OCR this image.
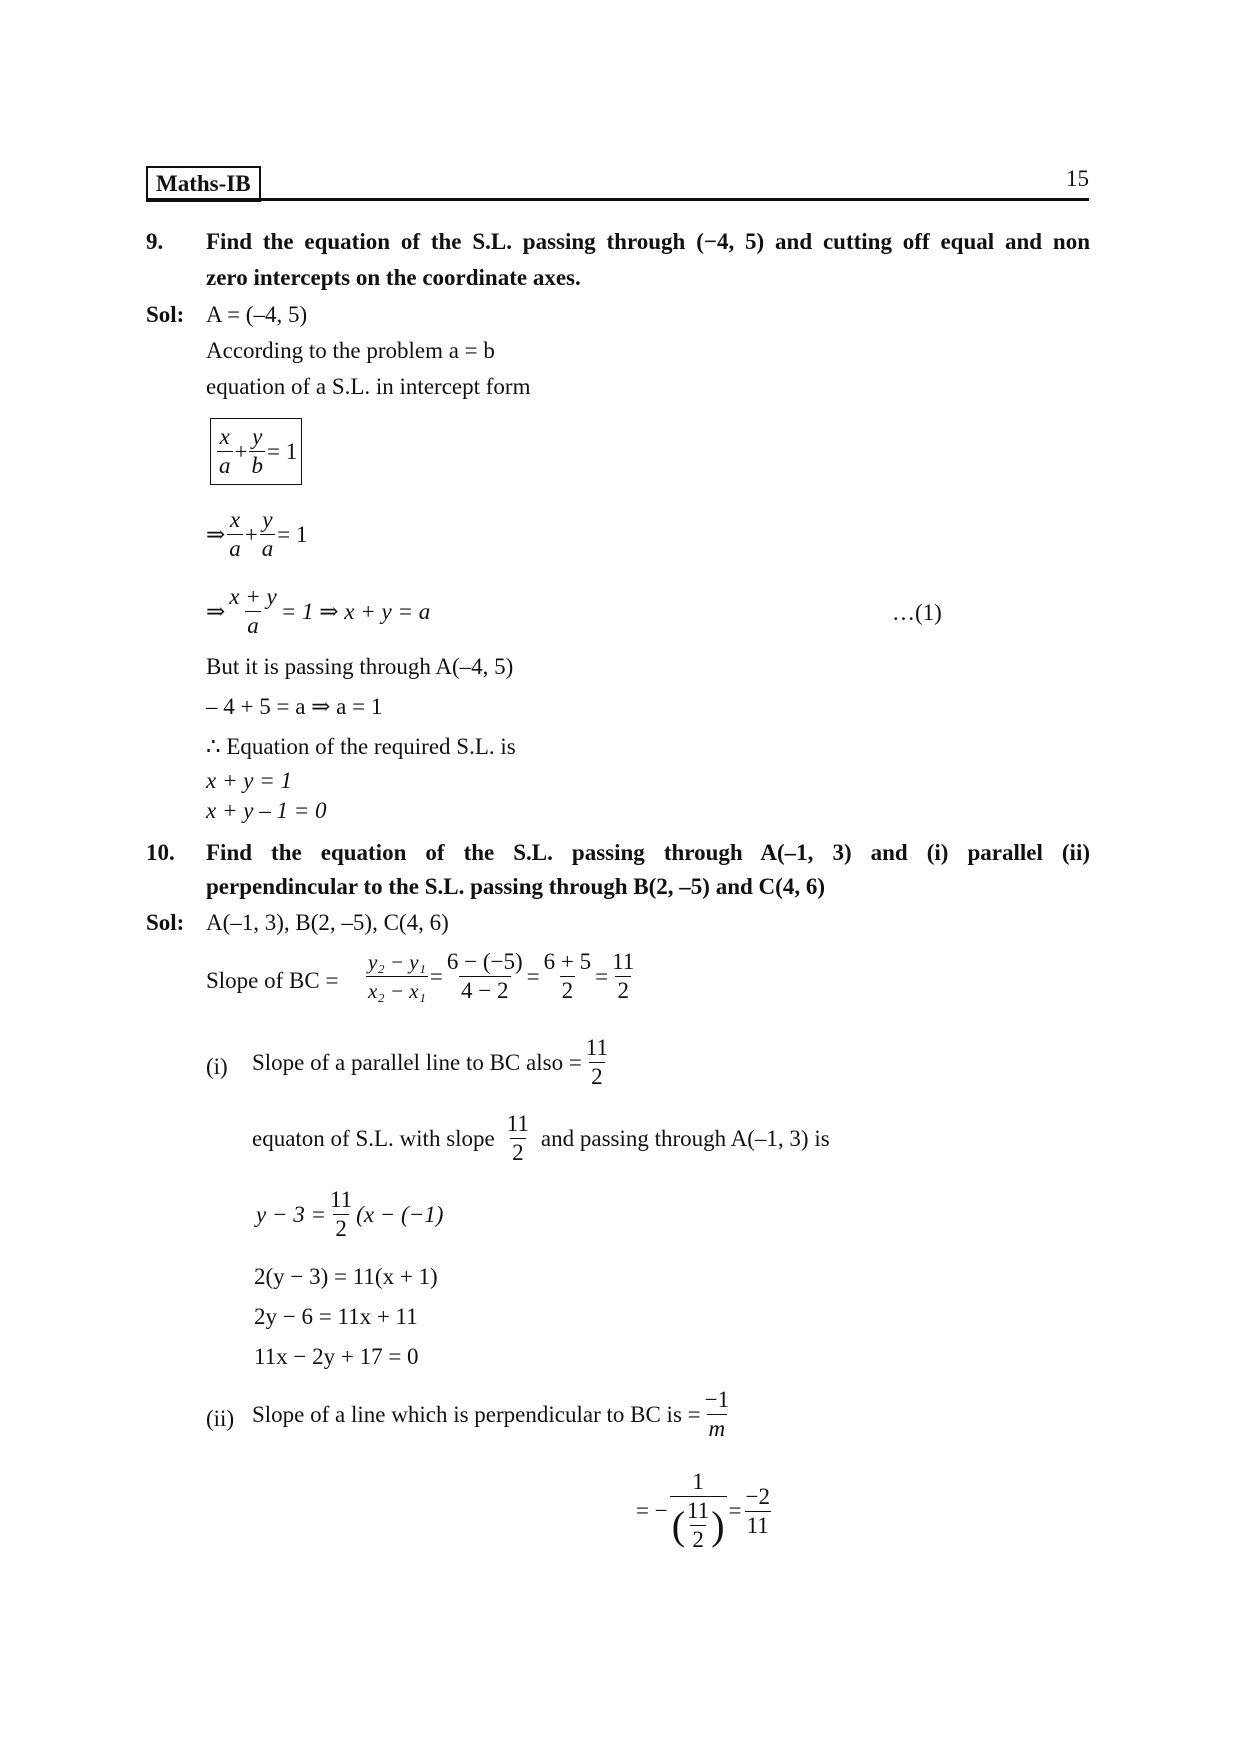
Maths-IB	15
9. Find the equation of the S.L. passing through (−4, 5) and cutting off equal and non
zero intercepts on the coordinate axes.
Sol: A = (–4, 5)
According to the problem a = b
equation of a S.L. in intercept form
$\frac{x}{a} + \frac{y}{b} = 1$
⇒ $\frac{x}{a} + \frac{y}{a} = 1$
⇒ $\frac{x + y}{a} = 1$ ⇒ x + y = a	…(1)
But it is passing through A(–4, 5)
– 4 + 5 = a ⇒ a = 1
∴ Equation of the required S.L. is
x + y = 1
x + y – 1 = 0
10. Find the equation of the S.L. passing through A(–1, 3) and (i) parallel (ii)
perpendincular to the S.L. passing through B(2, –5) and C(4, 6)
Sol: A(–1, 3), B(2, –5), C(4, 6)
Slope of BC = $\frac{\text{y₂ − y₁}}{\text{x₂ − x₁}} = \frac{6 - (-5)}{4 - 2} = \frac{6 + 5}{2} = \frac{11}{2}$
(i) Slope of a parallel line to BC also = $\frac{11}{2}$
equaton of S.L. with slope $\frac{11}{2}$ and passing through A(–1, 3) is
$y - 3 = \frac{11}{2} (x - (-1)$
2(y − 3) = 11(x + 1)
2y − 6 = 11x + 11
11x − 2y + 17 = 0
(ii) Slope of a line which is perpendicular to BC is = $\frac{-1}{m}$
= − $\frac{1}{( \frac{11}{2} )} = \frac{-2}{11}$
